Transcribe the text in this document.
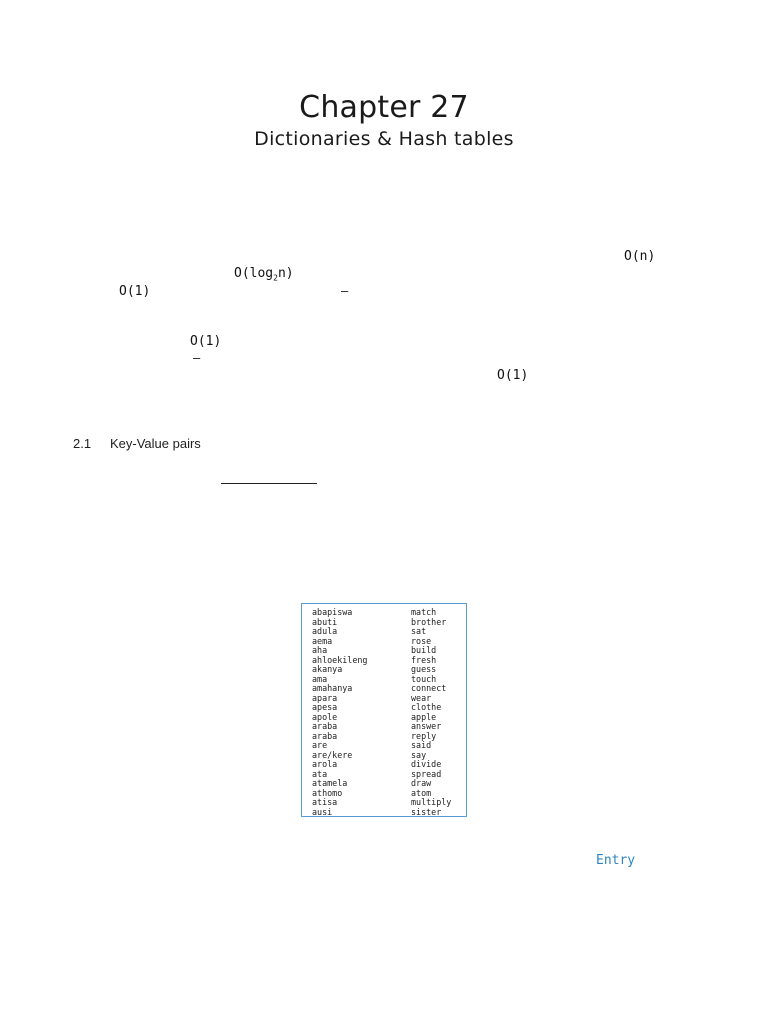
Chapter 27
Dictionaries & Hash tables
O(n)
$O(\log_2n)$
O(1)	–
O(1)
–
O(1)
2.1 Key-Value pairs
abapiswa	match
abuti	brother
adula	sat
aema	rose
aha	build
ahloekileng	fresh
akanya	guess
ama	touch
amahanya	connect
apara	wear
apesa	clothe
apole	apple
araba	answer
araba	reply
are	said
are/kere	say
arola	divide
ata	spread
atamela	draw
athomo	atom
atisa	multiply
ausi	sister
Entry
